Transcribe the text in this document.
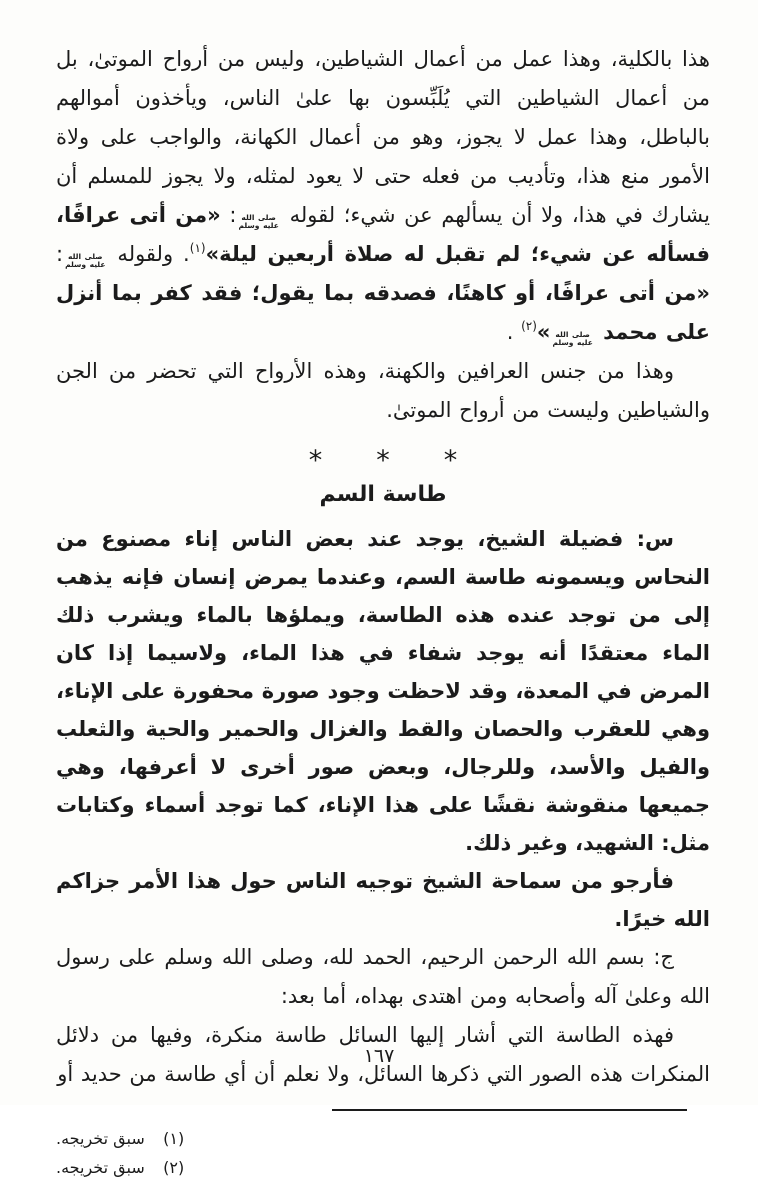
هذا بالكلية، وهذا عمل من أعمال الشياطين، وليس من أرواح الموتىٰ، بل من أعمال الشياطين التي يُلَبِّسون بها علىٰ الناس، ويأخذون أموالهم بالباطل، وهذا عمل لا يجوز، وهو من أعمال الكهانة، والواجب على ولاة الأمور منع هذا، وتأديب من فعله حتى لا يعود لمثله، ولا يجوز للمسلم أن يشارك في هذا، ولا أن يسألهم عن شيء؛ لقوله
صلى الله
عليه وسلم
: «من أتى عرافًا، فسأله عن شيء؛ لم تقبل له صلاة أربعين ليلة»$^{(١)}$. ولقوله
صلى الله
عليه وسلم
: «من أتى عرافًا، أو كاهنًا، فصدقه بما يقول؛ فقد كفر بما أنزل على محمد
صلى الله
عليه وسلم
»$^{(٢)}$ .

وهذا من جنس العرافين والكهنة، وهذه الأرواح التي تحضر من الجن والشياطين وليست من أرواح الموتىٰ.

***
طاسة السم

س: فضيلة الشيخ، يوجد عند بعض الناس إناء مصنوع من النحاس ويسمونه طاسة السم، وعندما يمرض إنسان فإنه يذهب إلى من توجد عنده هذه الطاسة، ويملؤها بالماء ويشرب ذلك الماء معتقدًا أنه يوجد شفاء في هذا الماء، ولاسيما إذا كان المرض في المعدة، وقد لاحظت وجود صورة محفورة على الإناء، وهي للعقرب والحصان والقط والغزال والحمير والحية والثعلب والفيل والأسد، وللرجال، وبعض صور أخرى لا أعرفها، وهي جميعها منقوشة نقشًا على هذا الإناء، كما توجد أسماء وكتابات مثل: الشهيد، وغير ذلك.

فأرجو من سماحة الشيخ توجيه الناس حول هذا الأمر جزاكم الله خيرًا.

ج: بسم الله الرحمن الرحيم، الحمد لله، وصلى الله وسلم على رسول الله وعلىٰ آله وأصحابه ومن اهتدى بهداه، أما بعد:

فهذه الطاسة التي أشار إليها السائل طاسة منكرة، وفيها من دلائل المنكرات هذه الصور التي ذكرها السائل، ولا نعلم أن أي طاسة من حديد أو

(١)
سبق تخريجه.
(٢)
سبق تخريجه.
١٦٧
